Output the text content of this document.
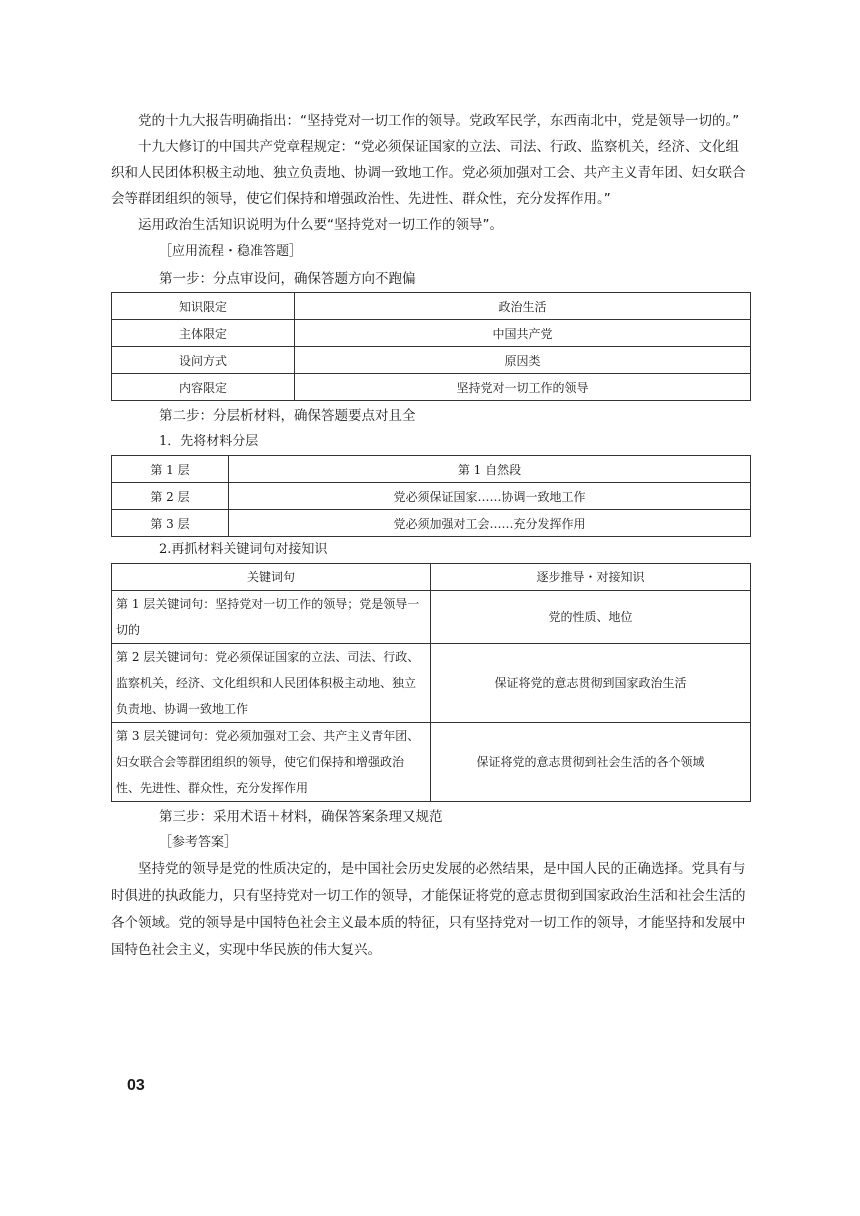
党的十九大报告明确指出：“坚持党对一切工作的领导。党政军民学，东西南北中，党是领导一切的。”

十九大修订的中国共产党章程规定：“党必须保证国家的立法、司法、行政、监察机关，经济、文化组织和人民团体积极主动地、独立负责地、协调一致地工作。党必须加强对工会、共产主义青年团、妇女联合会等群团组织的领导，使它们保持和增强政治性、先进性、群众性，充分发挥作用。”

运用政治生活知识说明为什么要“坚持党对一切工作的领导”。

［应用流程・稳准答题］

第一步：分点审设问，确保答题方向不跑偏

知识限定	政治生活
主体限定	中国共产党
设问方式	原因类
内容限定	坚持党对一切工作的领导

第二步：分层析材料，确保答题要点对且全

1．先将材料分层

第 1 层	第 1 自然段
第 2 层	党必须保证国家……协调一致地工作
第 3 层	党必须加强对工会……充分发挥作用

2.再抓材料关键词句对接知识

关键词句	逐步推导・对接知识
第 1 层关键词句：坚持党对一切工作的领导；党是领导一切的	党的性质、地位
第 2 层关键词句：党必须保证国家的立法、司法、行政、监察机关，经济、文化组织和人民团体积极主动地、独立负责地、协调一致地工作	保证将党的意志贯彻到国家政治生活
第 3 层关键词句：党必须加强对工会、共产主义青年团、妇女联合会等群团组织的领导，使它们保持和增强政治性、先进性、群众性，充分发挥作用	保证将党的意志贯彻到社会生活的各个领域

第三步：采用术语＋材料，确保答案条理又规范

［参考答案］

坚持党的领导是党的性质决定的，是中国社会历史发展的必然结果，是中国人民的正确选择。党具有与时俱进的执政能力，只有坚持党对一切工作的领导，才能保证将党的意志贯彻到国家政治生活和社会生活的各个领域。党的领导是中国特色社会主义最本质的特征，只有坚持党对一切工作的领导，才能坚持和发展中国特色社会主义，实现中华民族的伟大复兴。

03
